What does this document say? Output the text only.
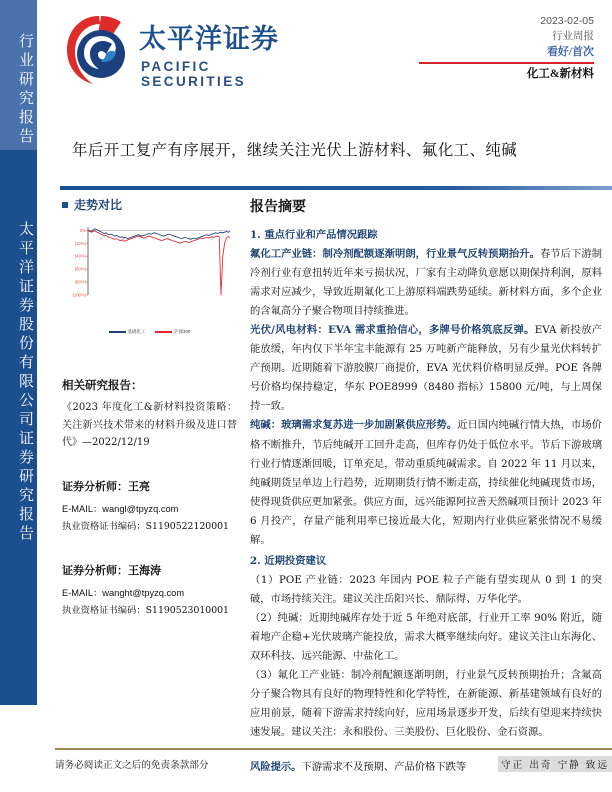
行业研究报告
太平洋证券股份有限公司证券研究报告
太平洋证券
PACIFIC SECURITIES
2023-02-05
行业周报
看好/首次
化工&新材料
年后开工复产有序展开，继续关注光伏上游材料、氟化工、纯碱
走势对比
0%
(20%)
(40%)
(60%)
(80%)
(100%)
22	22	22	22	22	22
基础化工	沪深300
相关研究报告：
《2023 年度化工&新材料投资策略：关注新兴技术带来的材料升级及进口替代》—2022/12/19
证券分析师：王亮
E-MAIL：wangl@tpyzq.com
执业资格证书编码：S1190522120001
证券分析师：王海涛
E-MAIL：wanght@tpyzq.com
执业资格证书编码：S1190523010001
报告摘要
1. 重点行业和产品情况跟踪
氟化工产业链：制冷剂配额逐渐明朗，行业景气反转预期抬升。春节后下游制冷剂行业有意扭转近年来亏损状况，厂家有主动降负意愿以期保持利润，原料需求对应减少，导致近期氟化工上游原料端跌势延续。新材料方面，多个企业的含氟高分子聚合物项目持续推进。
光伏/风电材料：EVA 需求重拾信心，多牌号价格筑底反弹。EVA 新投放产能放缓，年内仅下半年宝丰能源有 25 万吨新产能释放，另有少量光伏料转扩产预期。近期随着下游胶膜厂商提价，EVA 光伏料价格明显反弹。POE 各牌号价格均保持稳定，华东 POE8999（8480 指标）15800 元/吨，与上周保持一致。
纯碱：玻璃需求复苏进一步加剧紧供应形势。近日国内纯碱行情大热，市场价格不断推升，节后纯碱开工回升走高，但库存仍处于低位水平。节后下游玻璃行业行情逐渐回暖，订单充足，带动重质纯碱需求。自 2022 年 11 月以来，纯碱期货呈单边上行趋势，近期期货行情不断走高，持续催化纯碱现货市场，使得现货供应更加紧张。供应方面，远兴能源阿拉善天然碱项目预计 2023 年 6 月投产，存量产能利用率已接近最大化，短期内行业供应紧张情况不易缓解。
2. 近期投资建议
（1）POE 产业链：2023 年国内 POE 粒子产能有望实现从 0 到 1 的突破，市场持续关注。建议关注岳阳兴长、鼎际得、万华化学。
（2）纯碱：近期纯碱库存处于近 5 年绝对底部，行业开工率 90% 附近，随着地产企稳+光伏玻璃产能投放，需求大概率继续向好。建议关注山东海化、双环科技、远兴能源、中盐化工。
（3）氟化工产业链：制冷剂配额逐渐明朗，行业景气反转预期抬升；含氟高分子聚合物具有良好的物理特性和化学特性，在新能源、新基建领域有良好的应用前景，随着下游需求持续向好，应用场景逐步开发，后续有望迎来持续快速发展。建议关注：永和股份、三美股份、巨化股份、金石资源。
风险提示。下游需求不及预期、产品价格下跌等
请务必阅读正文之后的免责条款部分	守正 出奇 宁静 致远
